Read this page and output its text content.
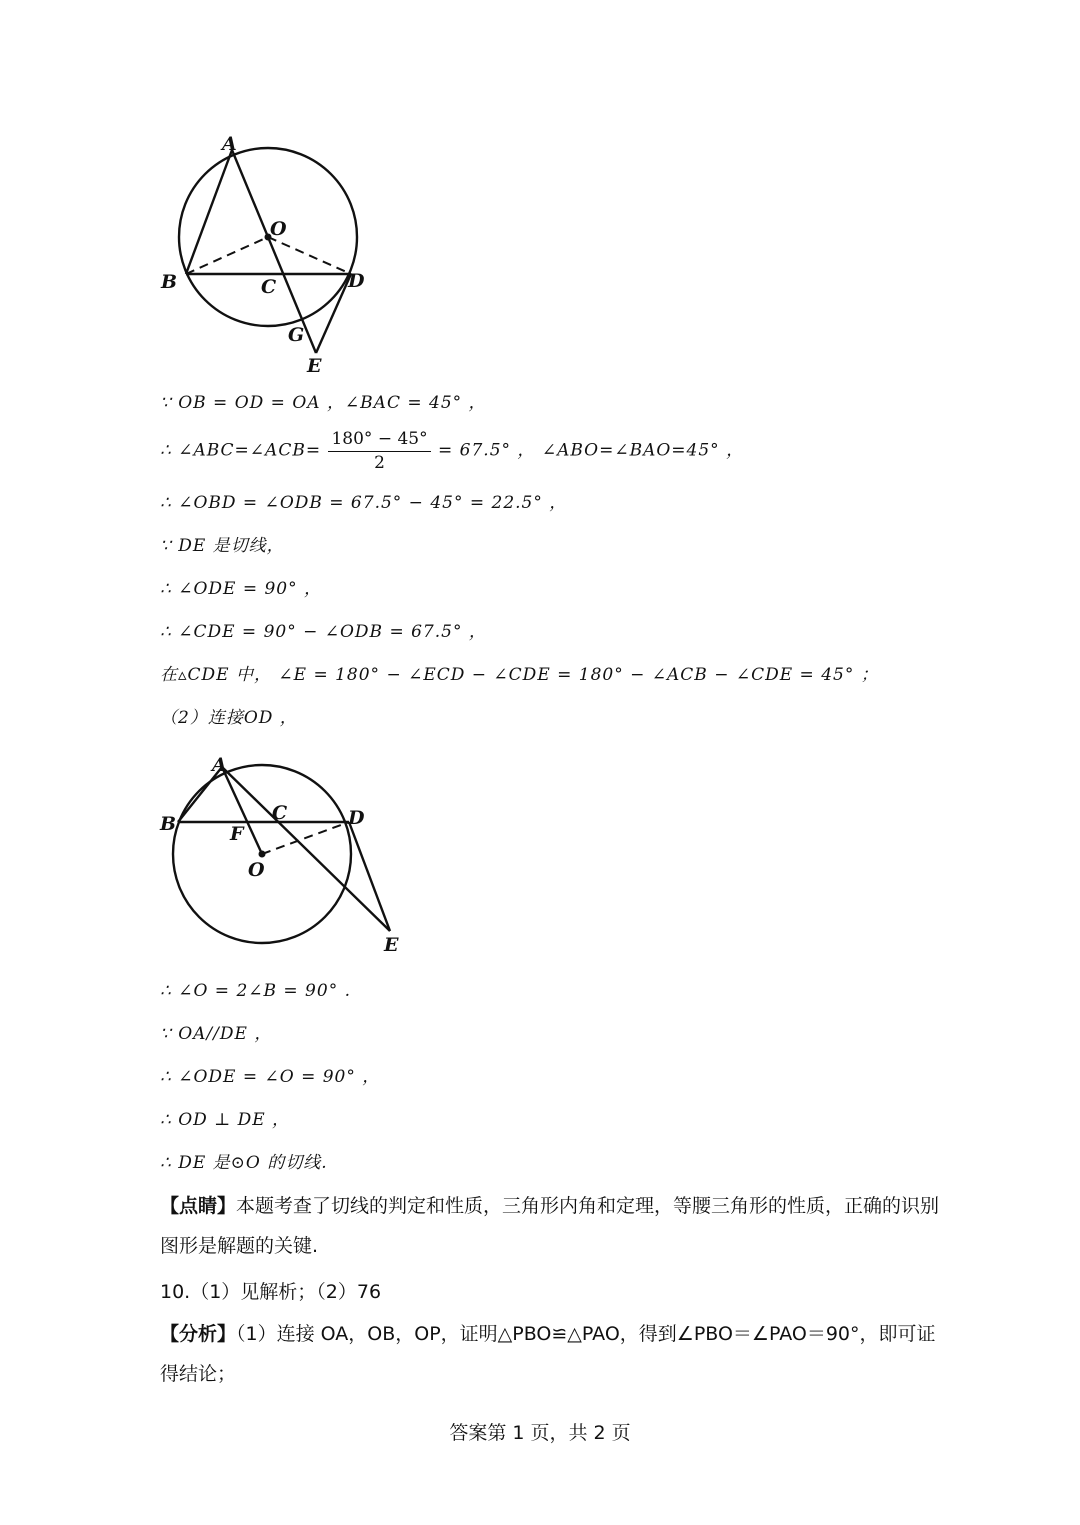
A
O
B	C	D
G
E
∵ OB = OD = OA ，∠BAC = 45° ，
∴ ∠ABC=∠ACB= $\frac{180^\circ - 45^\circ}{2} = 67.5^\circ$ ， ∠ABO=∠BAO=45° ，
∴ ∠OBD = ∠ODB = 67.5° − 45° = 22.5° ，
∵ DE 是切线，
∴ ∠ODE = 90° ，
∴ ∠CDE = 90° − ∠ODB = 67.5° ，
在▵CDE 中， ∠E = 180° − ∠ECD − ∠CDE = 180° − ∠ACB − ∠CDE = 45° ；
（2）连接OD ，
A
B	C	D
F
O
E
∴ ∠O = 2∠B = 90° .
∵ OA//DE ，
∴ ∠ODE = ∠O = 90° ，
∴ OD ⊥ DE ，
∴ DE 是⊙O 的切线.
【点睛】本题考查了切线的判定和性质，三角形内角和定理，等腰三角形的性质，正确的识别图形是解题的关键.
10.（1）见解析；（2）76
【分析】（1）连接 OA，OB，OP，证明△PBO≌△PAO，得到∠PBO＝∠PAO＝90°，即可证得结论；
答案第 1 页，共 2 页
